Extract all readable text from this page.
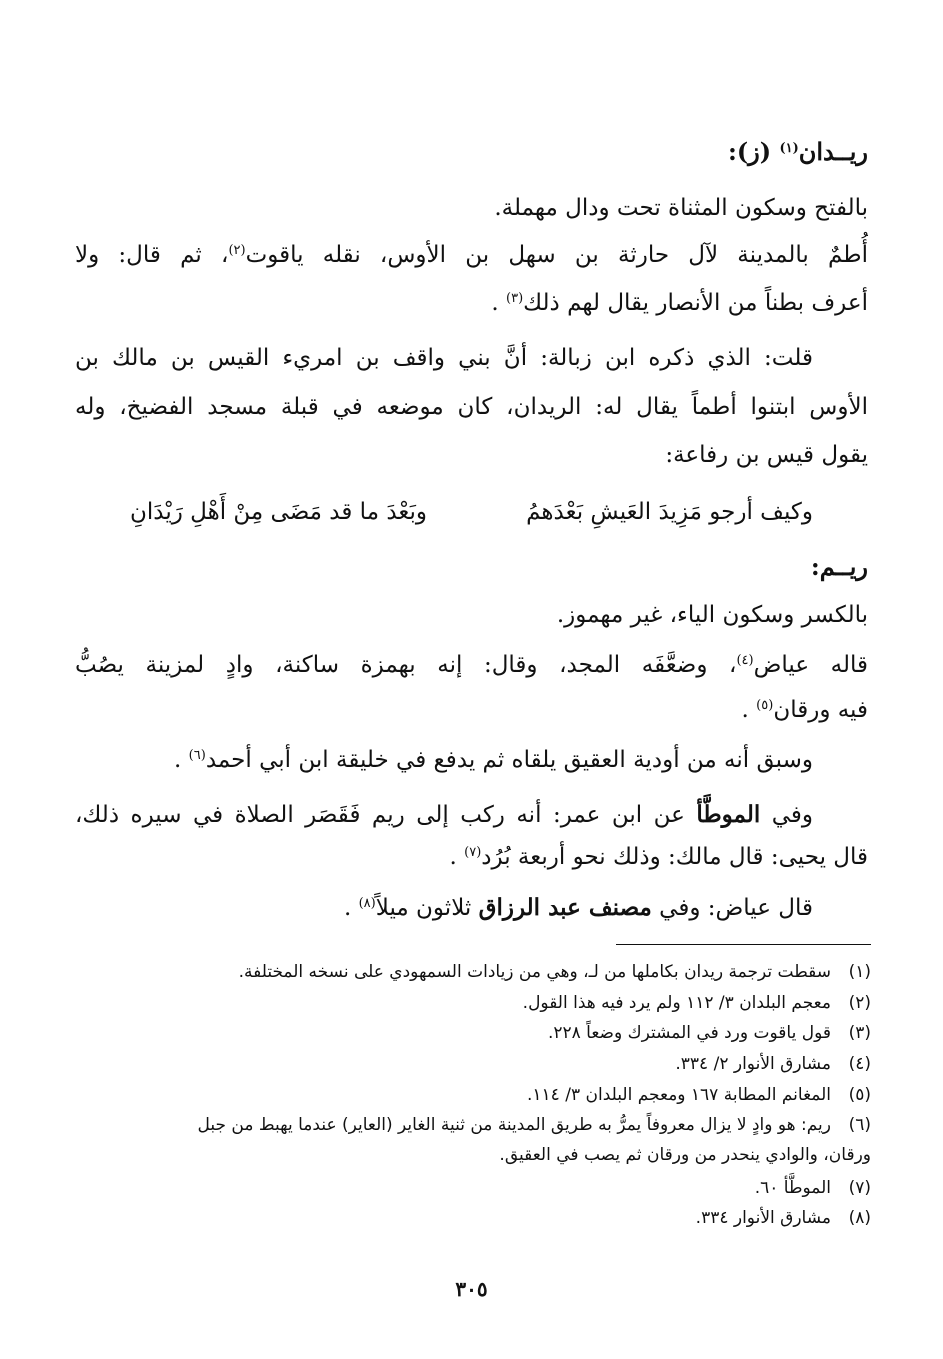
ريــدان$^{(١)}$ (ز):
بالفتح وسكون المثناة تحت ودال مهملة.
أُطمٌ بالمدينة لآل حارثة بن سهل بن الأوس، نقله ياقوت$^{(٢)}$، ثم قال: ولا
أعرف بطناً من الأنصار يقال لهم ذلك$^{(٣)}$ .
قلت: الذي ذكره ابن زبالة: أنَّ بني واقف بن امريء القيس بن مالك بن
الأوس ابتنوا أطماً يقال له: الريدان، كان موضعه في قبلة مسجد الفضيخ، وله
يقول قيس بن رفاعة:
وكيف أرجو مَزِيدَ العَيشِ بَعْدَهمُ
وبَعْدَ ما قد مَضَى مِنْ أَهْلِ رَيْدَانِ
ريــم:
بالكسر وسكون الياء، غير مهموز.
قاله عياض$^{(٤)}$، وضعَّفَه المجد، وقال: إنه بهمزة ساكنة، وادٍ لمزينة يصُبُّ
فيه ورقان$^{(٥)}$ .
وسبق أنه من أودية العقيق يلقاه ثم يدفع في خليقة ابن أبي أحمد$^{(٦)}$ .
وفي الموطَّأ عن ابن عمر: أنه ركب إلى ريم فَقَصَر الصلاة في سيره ذلك،
قال يحيى: قال مالك: وذلك نحو أربعة بُرُد$^{(٧)}$ .
قال عياض: وفي مصنف عبد الرزاق ثلاثون ميلاً$^{(٨)}$ .
(١)سقطت ترجمة ريدان بكاملها من لـ، وهي من زيادات السمهودي على نسخه المختلفة.
(٢)معجم البلدان ٣/ ١١٢ ولم يرد فيه هذا القول.
(٣)قول ياقوت ورد في المشترك وضعاً ٢٢٨.
(٤)مشارق الأنوار ٢/ ٣٣٤.
(٥)المغانم المطابة ١٦٧ ومعجم البلدان ٣/ ١١٤.
(٦)ريم: هو وادٍ لا يزال معروفاً يمرُّ به طريق المدينة من ثنية الغاير (العاير) عندما يهبط من جبل
ورقان، والوادي ينحدر من ورقان ثم يصب في العقيق.
(٧)الموطَّأ ٦٠.
(٨)مشارق الأنوار ٣٣٤.
٣٠٥
